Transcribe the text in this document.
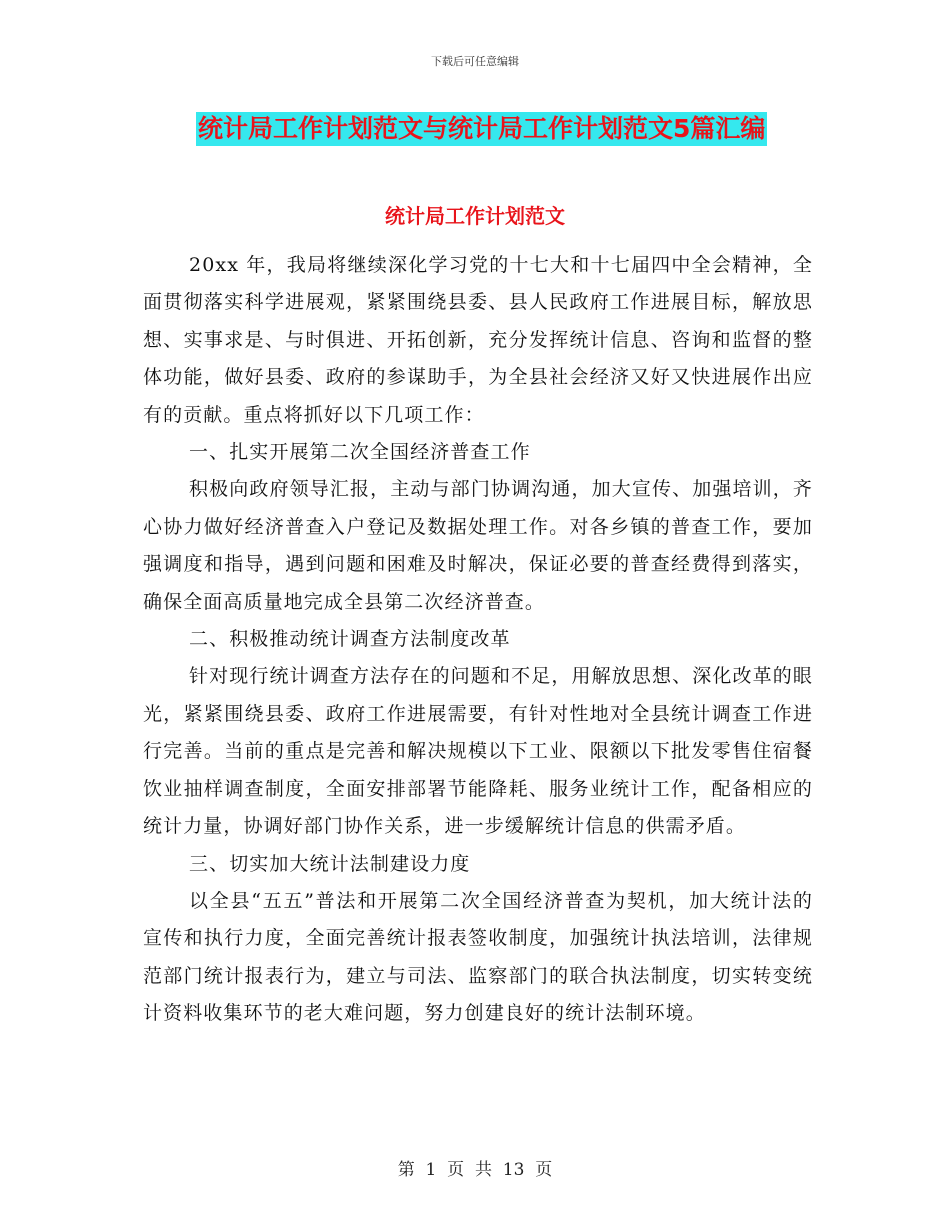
下载后可任意编辑
统计局工作计划范文与统计局工作计划范文5篇汇编
统计局工作计划范文

20xx 年，我局将继续深化学习党的十七大和十七届四中全会精神，全面贯彻落实科学进展观，紧紧围绕县委、县人民政府工作进展目标，解放思想、实事求是、与时俱进、开拓创新，充分发挥统计信息、咨询和监督的整体功能，做好县委、政府的参谋助手，为全县社会经济又好又快进展作出应有的贡献。重点将抓好以下几项工作：

一、扎实开展第二次全国经济普查工作

积极向政府领导汇报，主动与部门协调沟通，加大宣传、加强培训，齐心协力做好经济普查入户登记及数据处理工作。对各乡镇的普查工作，要加强调度和指导，遇到问题和困难及时解决，保证必要的普查经费得到落实，确保全面高质量地完成全县第二次经济普查。

二、积极推动统计调查方法制度改革

针对现行统计调查方法存在的问题和不足，用解放思想、深化改革的眼光，紧紧围绕县委、政府工作进展需要，有针对性地对全县统计调查工作进行完善。当前的重点是完善和解决规模以下工业、限额以下批发零售住宿餐饮业抽样调查制度，全面安排部署节能降耗、服务业统计工作，配备相应的统计力量，协调好部门协作关系，进一步缓解统计信息的供需矛盾。

三、切实加大统计法制建设力度

以全县“五五”普法和开展第二次全国经济普查为契机，加大统计法的宣传和执行力度，全面完善统计报表签收制度，加强统计执法培训，法律规范部门统计报表行为，建立与司法、监察部门的联合执法制度，切实转变统计资料收集环节的老大难问题，努力创建良好的统计法制环境。

第  1  页  共  13  页
